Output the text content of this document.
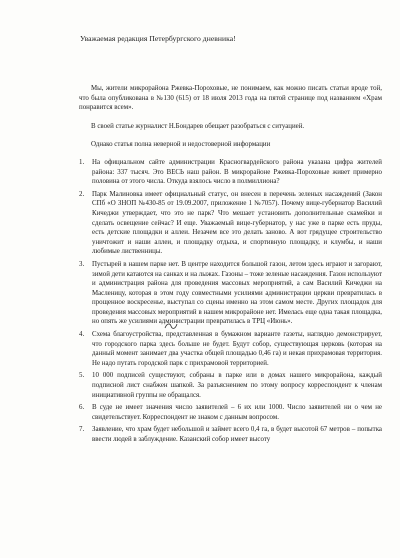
Уважаемая редакция Петербургского дневника!

Мы, жители микрорайона Ржевка-Пороховые, не понимаем, как можно писать статьи вроде той, что была опубликована в №130 (615) от 18 июля 2013 года на пятой странице под названием «Храм понравится всем».

В своей статье журналист Н.Бондарев обещает разобраться с ситуацией.

Однако статья полна неверной и недостоверной информации

1. На официальном сайте администрации Красногвардейского района указана цифра жителей района: 337 тысяч. Это ВЕСЬ наш район. В микрорайоне Ржевка-Пороховые живет примерно половина от этого числа. Откуда взялось число в полмиллиона?
2. Парк Малиновка имеет официальный статус, он внесен в перечень зеленых насаждений (Закон СПб «О ЗНОП №430-85 от 19.09.2007, приложение 1 №7057). Почему вице-губернатор Василий Кичеджи утверждает, что это не парк? Что мешает установить дополнительные скамейки и сделать освещение сейчас? И еще. Уважаемый вице-губернатор, у нас уже в парке есть пруды, есть детские площадки и аллеи. Незачем все это делать заново. А вот грядущее строительство уничтожит и наши аллеи, и площадку отдыха, и спортивную площадку, и клумбы, и наши любимые лиственницы.
3. Пустырей в нашем парке нет. В центре находится большой газон, летом здесь играют и загорают, зимой дети катаются на санках и на лыжах. Газоны – тоже зеленые насаждения. Газон используют и администрация района для проведения массовых мероприятий, а сам Василий Кичеджи на Масленицу, которая в этом году совместными усилиями администрации церкви превратилась в прощенное воскресенье, выступал со сцены именно на этом самом месте. Других площадок для проведения массовых мероприятий в нашем микрорайоне нет. Имелась еще одна такая площадка, но опять же усилиями администрации превратилась в ТРЦ «Июнь».
4. Схема благоустройства, представленная в бумажном варианте газеты, наглядно демонстрирует, что городского парка здесь больше не будет. Будут собор, существующая церковь (которая на данный момент занимает два участка общей площадью 0,46 га) и некая прихрамовая территория. Не надо путать городской парк с прихрамовой территорией.
5. 10 000 подписей существуют, собраны в парке или в домах нашего микрорайона, каждый подписной лист снабжен шапкой. За разъяснением по этому вопросу корреспондент к членам инициативной группы не обращался.
6. В суде не имеет значения число заявителей – 6 их или 1000. Число заявителей ни о чем не свидетельствует. Корреспондент не знаком с данным вопросом.
7. Заявление, что храм будет небольшой и займет всего 0,4 га, в будет высотой 67 метров – попытка ввести людей в заблуждение. Казанский собор имеет высоту
